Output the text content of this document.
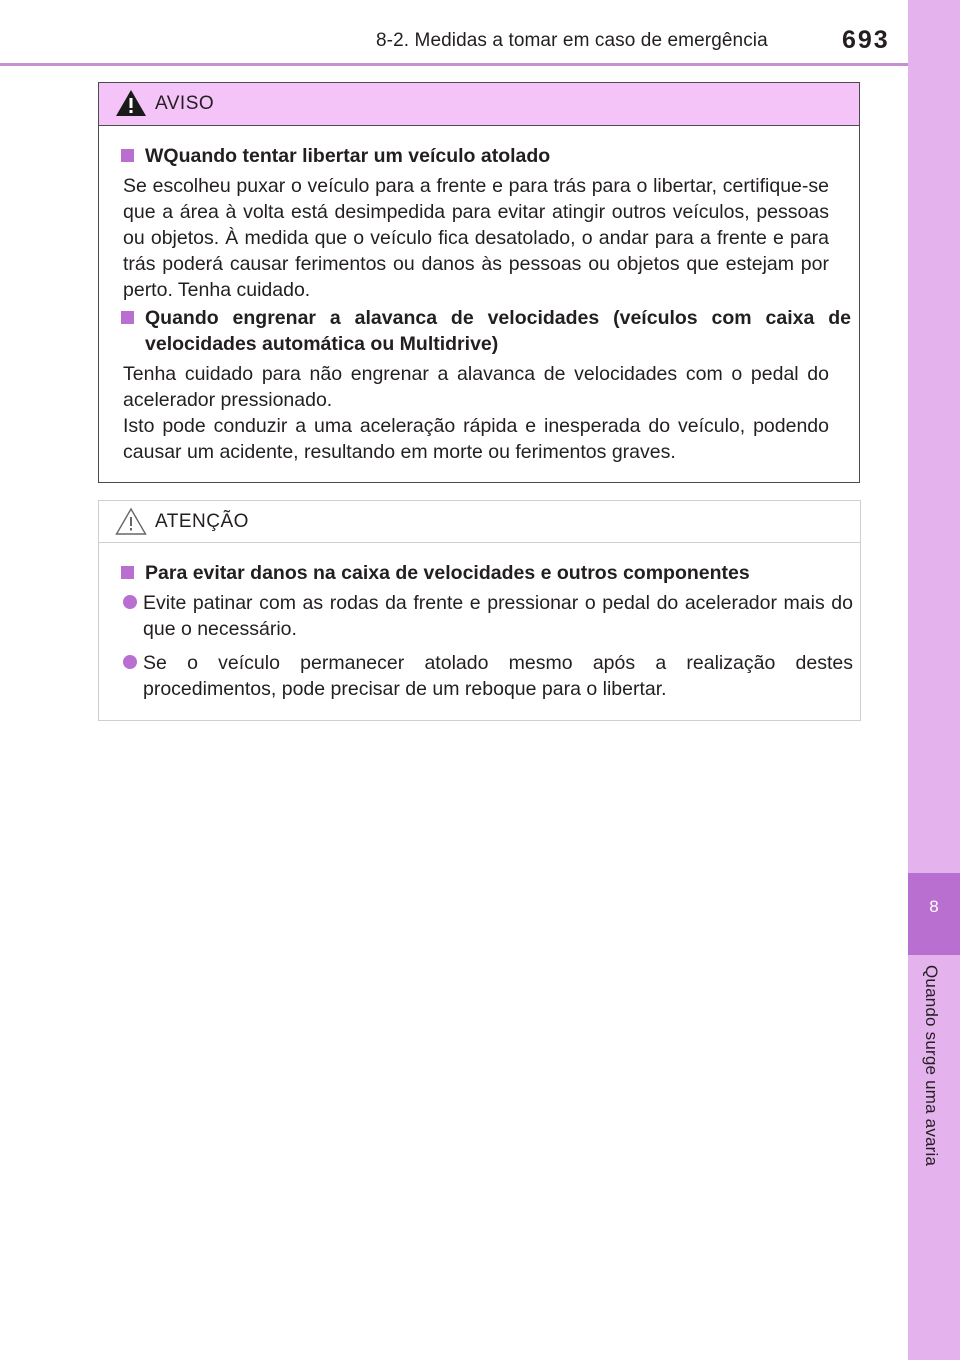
8-2. Medidas a tomar em caso de emergência	693
8
Quando surge uma avaria
AVISO
WQuando tentar libertar um veículo atolado
Se escolheu puxar o veículo para a frente e para trás para o libertar, certifique-se que a área à volta está desimpedida para evitar atingir outros veículos, pessoas ou objetos. À medida que o veículo fica desatolado, o andar para a frente e para trás poderá causar ferimentos ou danos às pessoas ou objetos que estejam por perto. Tenha cuidado.
Quando engrenar a alavanca de velocidades (veículos com caixa de velocidades automática ou Multidrive)
Tenha cuidado para não engrenar a alavanca de velocidades com o pedal do acelerador pressionado.
Isto pode conduzir a uma aceleração rápida e inesperada do veículo, podendo causar um acidente, resultando em morte ou ferimentos graves.
ATENÇÃO
Para evitar danos na caixa de velocidades e outros componentes
Evite patinar com as rodas da frente e pressionar o pedal do acelerador mais do que o necessário.
Se o veículo permanecer atolado mesmo após a realização destes procedimentos, pode precisar de um reboque para o libertar.
